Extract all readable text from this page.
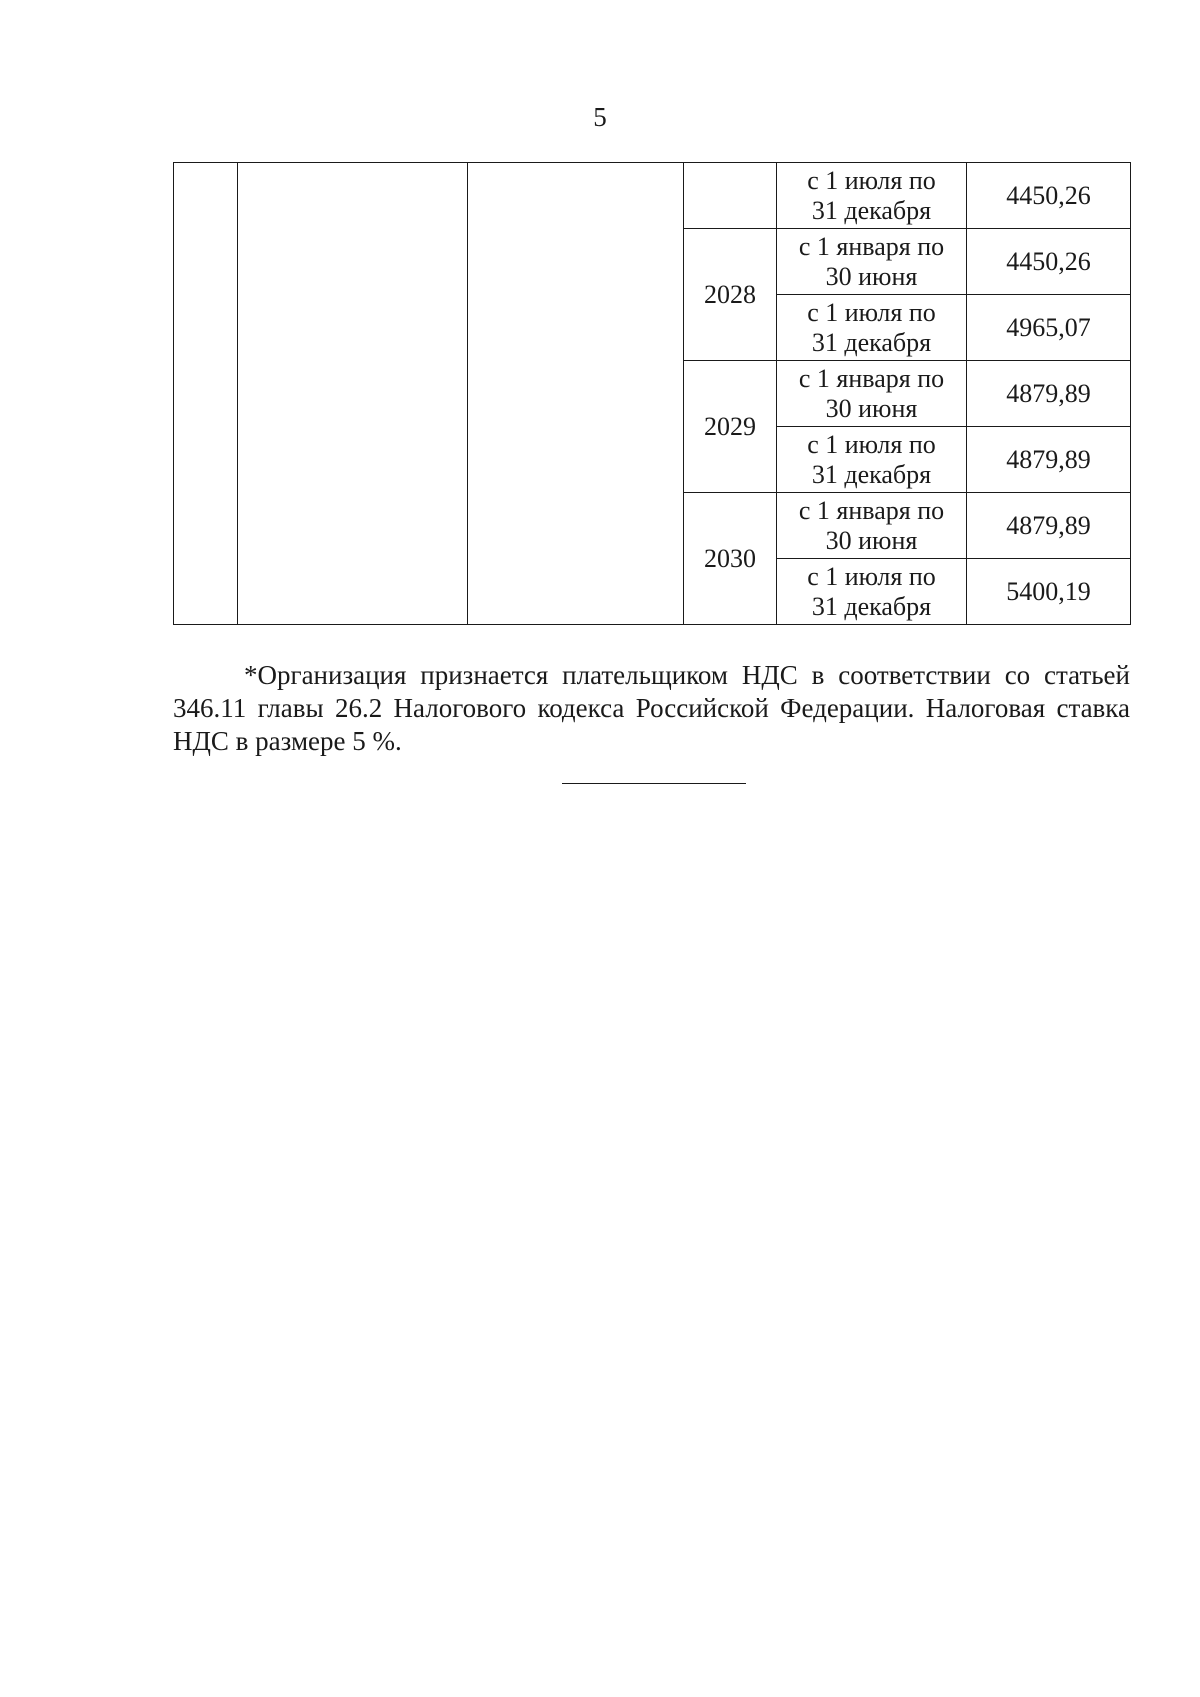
5
				с 1 июля по
31 декабря	4450,26
			2028	с 1 января по
30 июня	4450,26
				с 1 июля по
31 декабря	4965,07
			2029	с 1 января по
30 июня	4879,89
				с 1 июля по
31 декабря	4879,89
			2030	с 1 января по
30 июня	4879,89
				с 1 июля по
31 декабря	5400,19

*Организация признается плательщиком НДС в соответствии со статьей 346.11 главы 26.2 Налогового кодекса Российской Федерации. Налоговая ставка НДС в размере 5 %.
